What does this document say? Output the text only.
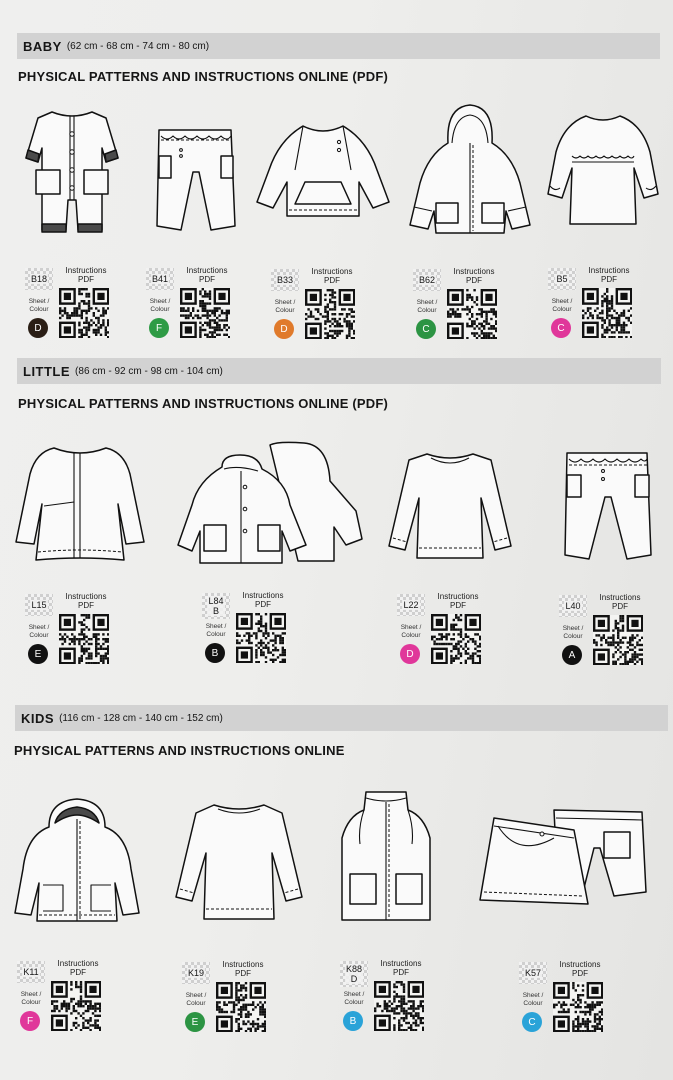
BABY (62 cm - 68 cm - 74 cm - 80 cm)
PHYSICAL PATTERNS AND INSTRUCTIONS ONLINE (PDF)
LITTLE (86 cm - 92 cm - 98 cm - 104 cm)
PHYSICAL PATTERNS AND INSTRUCTIONS ONLINE (PDF)
KIDS (116 cm - 128 cm - 140 cm - 152 cm)
PHYSICAL PATTERNS AND INSTRUCTIONS ONLINE
B18
Sheet / Colour
D
Instructions
PDF	B41
Sheet / Colour
F
Instructions
PDF	B33
Sheet / Colour
D
Instructions
PDF	B62
Sheet / Colour
C
Instructions
PDF	B5
Sheet / Colour
C
Instructions
PDF
L15
Sheet / Colour
E
Instructions
PDF	L84
B
Sheet / Colour
B
Instructions
PDF	L22
Sheet / Colour
D
Instructions
PDF	L40
Sheet / Colour
A
Instructions
PDF
K11
Sheet / Colour
F
Instructions
PDF	K19
Sheet / Colour
E
Instructions
PDF	K88
D
Sheet / Colour
B
Instructions
PDF	K57
Sheet / Colour
C
Instructions
PDF
